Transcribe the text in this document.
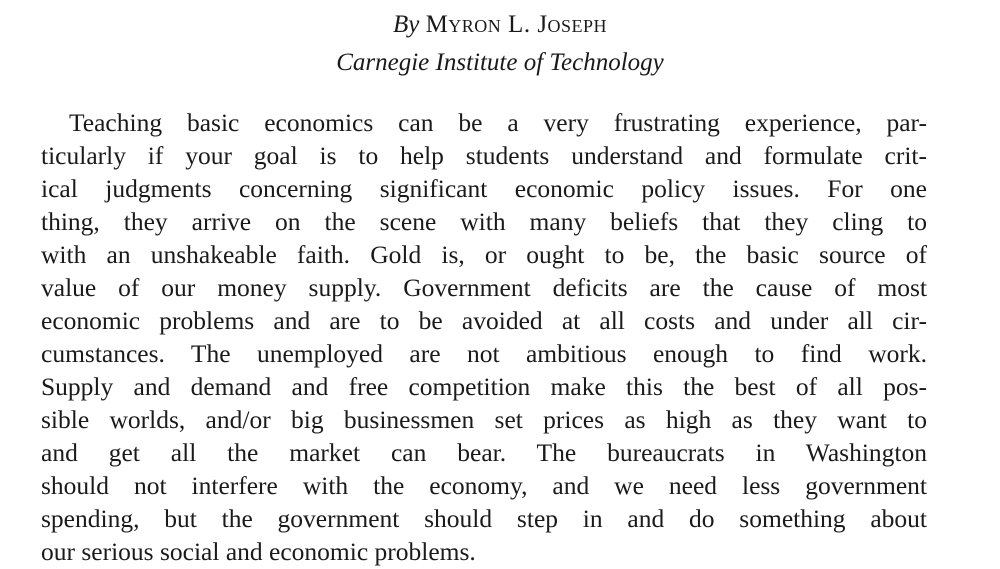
By Myron L. Joseph
Carnegie Institute of Technology
Teaching basic economics can be a very frustrating experience, par-
ticularly if your goal is to help students understand and formulate crit-
ical judgments concerning significant economic policy issues. For one
thing, they arrive on the scene with many beliefs that they cling to
with an unshakeable faith. Gold is, or ought to be, the basic source of
value of our money supply. Government deficits are the cause of most
economic problems and are to be avoided at all costs and under all cir-
cumstances. The unemployed are not ambitious enough to find work.
Supply and demand and free competition make this the best of all pos-
sible worlds, and/or big businessmen set prices as high as they want to
and get all the market can bear. The bureaucrats in Washington
should not interfere with the economy, and we need less government
spending, but the government should step in and do something about
our serious social and economic problems.
